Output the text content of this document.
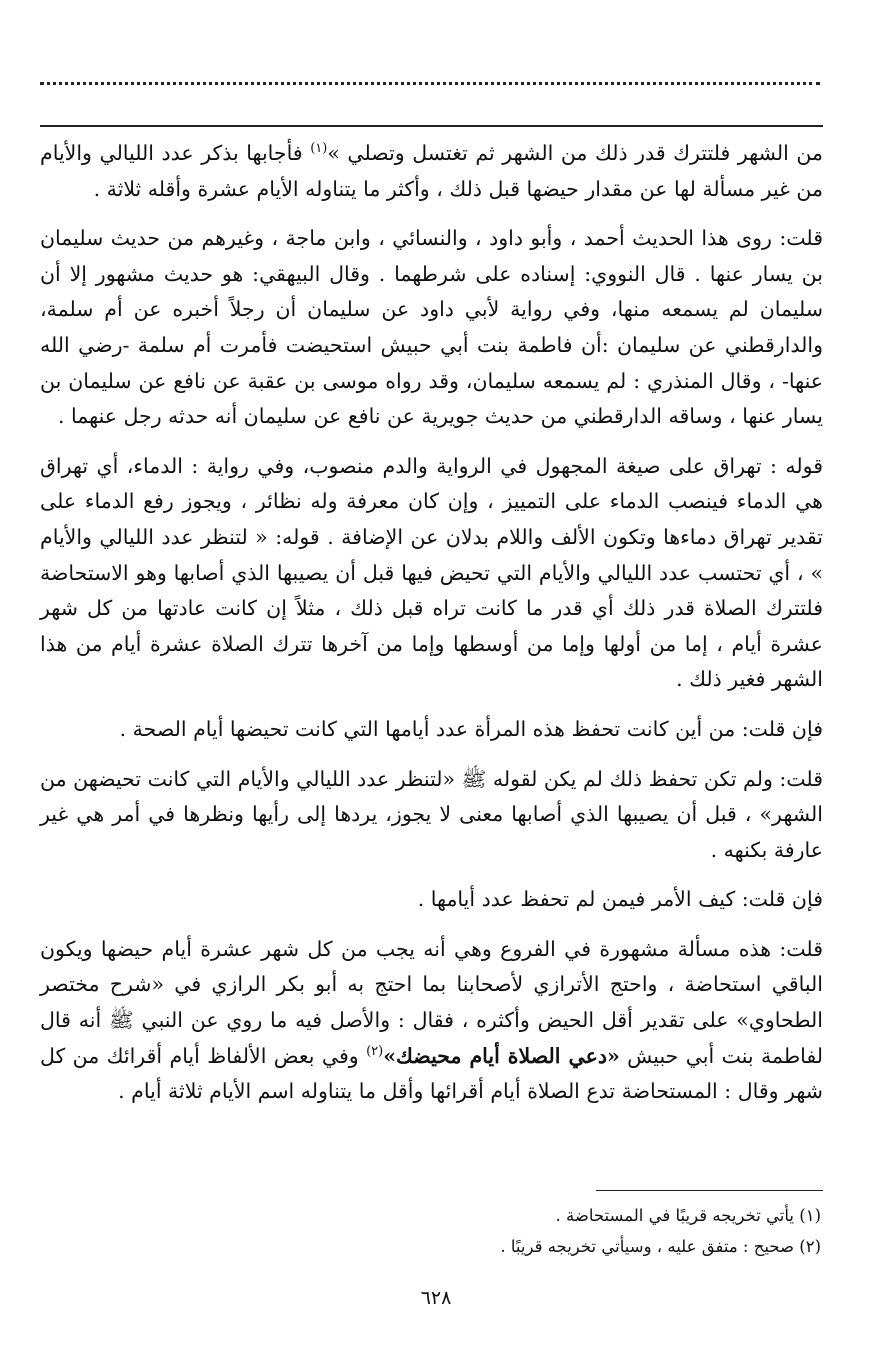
من الشهر فلتترك قدر ذلك من الشهر ثم تغتسل وتصلي »$^{(١)}$ فأجابها بذكر عدد الليالي والأيام من غير مسألة لها عن مقدار حيضها قبل ذلك ، وأكثر ما يتناوله الأيام عشرة وأقله ثلاثة .

قلت: روى هذا الحديث أحمد ، وأبو داود ، والنسائي ، وابن ماجة ، وغيرهم من حديث سليمان بن يسار عنها . قال النووي: إسناده على شرطهما . وقال البيهقي: هو حديث مشهور إلا أن سليمان لم يسمعه منها، وفي رواية لأبي داود عن سليمان أن رجلاً أخبره عن أم سلمة، والدارقطني عن سليمان :أن فاطمة بنت أبي حبيش استحيضت فأمرت أم سلمة -رضي الله عنها- ، وقال المنذري : لم يسمعه سليمان، وقد رواه موسى بن عقبة عن نافع عن سليمان بن يسار عنها ، وساقه الدارقطني من حديث جويرية عن نافع عن سليمان أنه حدثه رجل عنهما .

قوله : تهراق على صيغة المجهول في الرواية والدم منصوب، وفي رواية : الدماء، أي تهراق هي الدماء فينصب الدماء على التمييز ، وإن كان معرفة وله نظائر ، ويجوز رفع الدماء على تقدير تهراق دماءها وتكون الألف واللام بدلان عن الإضافة . قوله: « لتنظر عدد الليالي والأيام » ، أي تحتسب عدد الليالي والأيام التي تحيض فيها قبل أن يصيبها الذي أصابها وهو الاستحاضة فلتترك الصلاة قدر ذلك أي قدر ما كانت تراه قبل ذلك ، مثلاً إن كانت عادتها من كل شهر عشرة أيام ، إما من أولها وإما من أوسطها وإما من آخرها تترك الصلاة عشرة أيام من هذا الشهر فغير ذلك .

فإن قلت: من أين كانت تحفظ هذه المرأة عدد أيامها التي كانت تحيضها أيام الصحة .

قلت: ولم تكن تحفظ ذلك لم يكن لقوله ﷺ «لتنظر عدد الليالي والأيام التي كانت تحيضهن من الشهر» ، قبل أن يصيبها الذي أصابها معنى لا يجوز، يردها إلى رأيها ونظرها في أمر هي غير عارفة بكنهه .

فإن قلت: كيف الأمر فيمن لم تحفظ عدد أيامها .

قلت: هذه مسألة مشهورة في الفروع وهي أنه يجب من كل شهر عشرة أيام حيضها ويكون الباقي استحاضة ، واحتج الأترازي لأصحابنا بما احتج به أبو بكر الرازي في «شرح مختصر الطحاوي» على تقدير أقل الحيض وأكثره ، فقال : والأصل فيه ما روي عن النبي ﷺ أنه قال لفاطمة بنت أبي حبيش «دعي الصلاة أيام محيضك»$^{(٢)}$ وفي بعض الألفاظ أيام أقرائك من كل شهر وقال : المستحاضة تدع الصلاة أيام أقرائها وأقل ما يتناوله اسم الأيام ثلاثة أيام .

(١) يأتي تخريجه قريبًا في المستحاضة .

(٢) صحيح : متفق عليه ، وسيأتي تخريجه قريبًا .

٦٢٨
